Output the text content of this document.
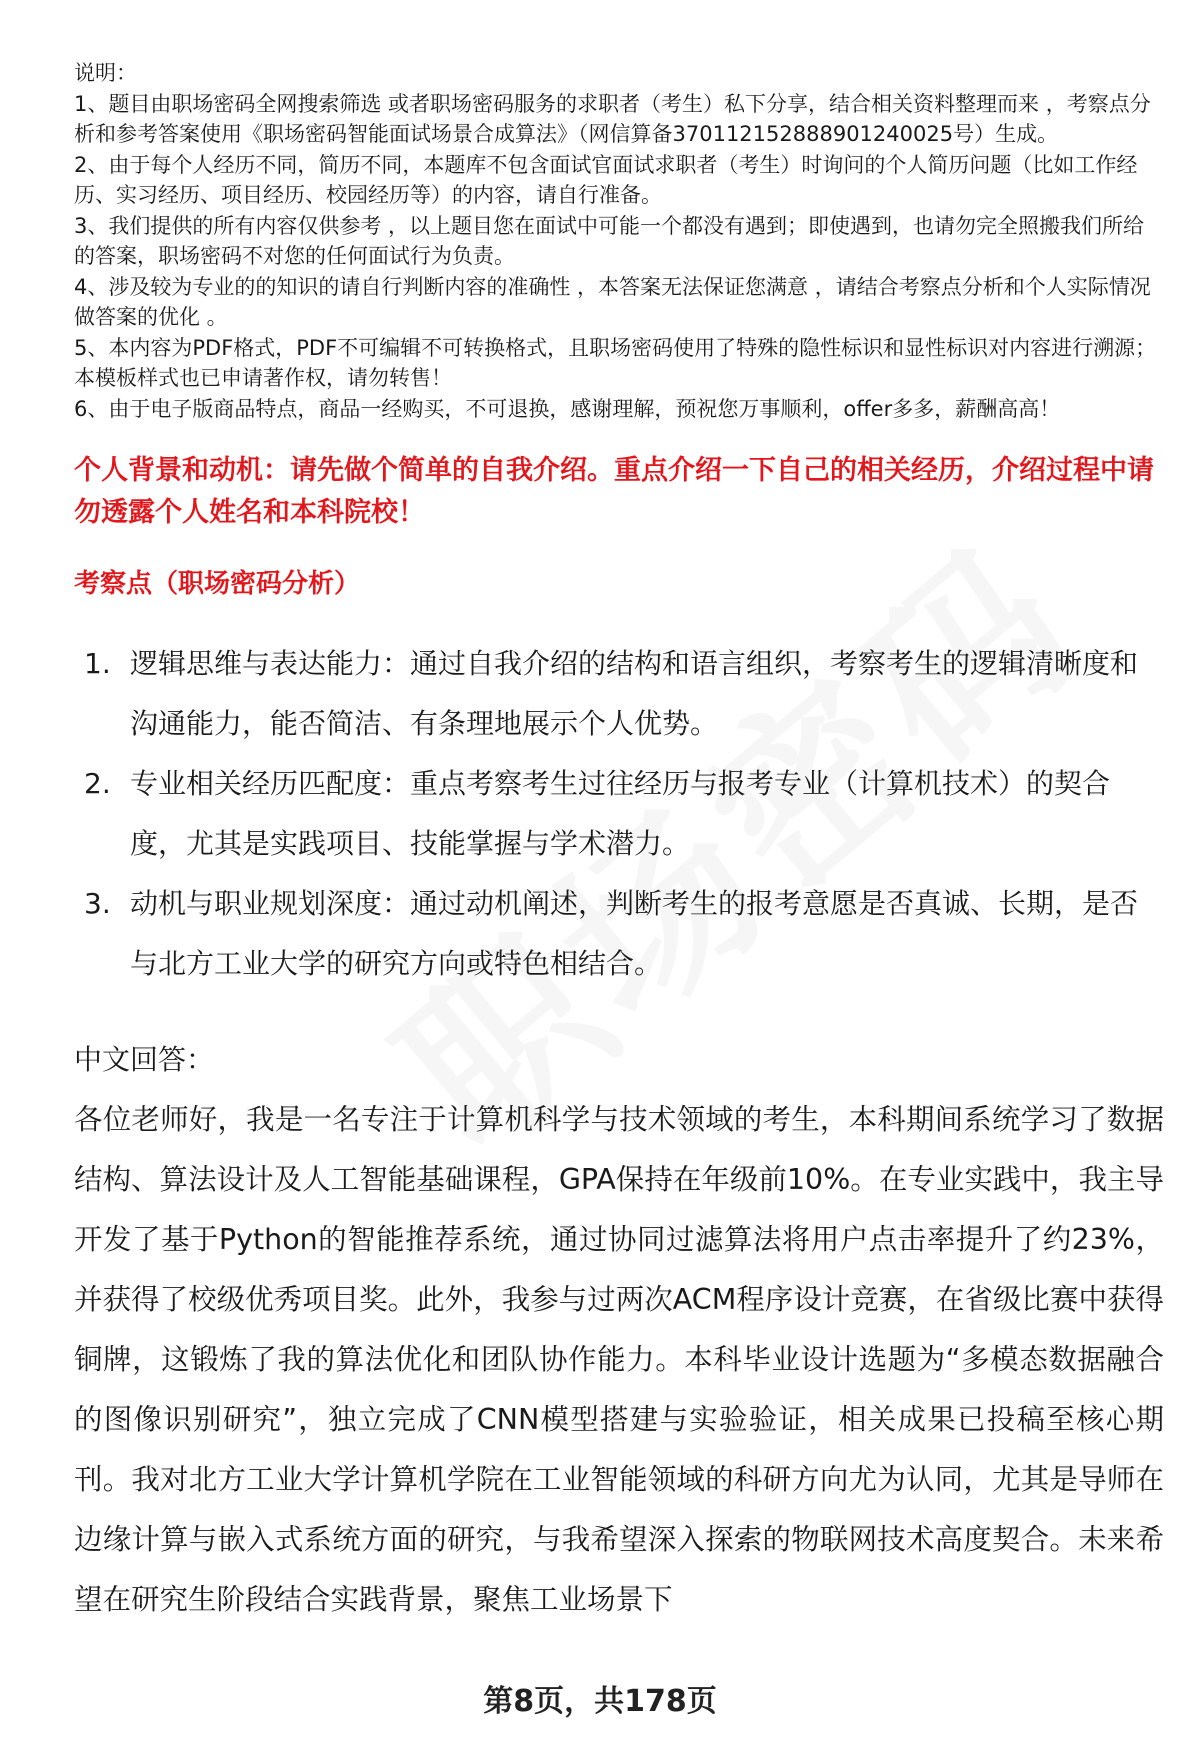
说明：
1、题目由职场密码全网搜索筛选 或者职场密码服务的求职者（考生）私下分享，结合相关资料整理而来 ，考察点分析和参考答案使用《职场密码智能面试场景合成算法》（网信算备370112152888901240025号）生成。
2、由于每个人经历不同，简历不同，本题库不包含面试官面试求职者（考生）时询问的个人简历问题（比如工作经历、实习经历、项目经历、校园经历等）的内容，请自行准备。
3、我们提供的所有内容仅供参考 ，以上题目您在面试中可能一个都没有遇到；即使遇到，也请勿完全照搬我们所给的答案，职场密码不对您的任何面试行为负责。
4、涉及较为专业的的知识的请自行判断内容的准确性 ，本答案无法保证您满意 ，请结合考察点分析和个人实际情况做答案的优化 。
5、本内容为PDF格式，PDF不可编辑不可转换格式，且职场密码使用了特殊的隐性标识和显性标识对内容进行溯源；本模板样式也已申请著作权，请勿转售！
6、由于电子版商品特点，商品一经购买，不可退换，感谢理解，预祝您万事顺利，offer多多，薪酬高高！
个人背景和动机：请先做个简单的自我介绍。重点介绍一下自己的相关经历，介绍过程中请勿透露个人姓名和本科院校！
考察点（职场密码分析）
1. 逻辑思维与表达能力：通过自我介绍的结构和语言组织，考察考生的逻辑清晰度和沟通能力，能否简洁、有条理地展示个人优势。
2. 专业相关经历匹配度：重点考察考生过往经历与报考专业（计算机技术）的契合度，尤其是实践项目、技能掌握与学术潜力。
3. 动机与职业规划深度：通过动机阐述，判断考生的报考意愿是否真诚、长期，是否与北方工业大学的研究方向或特色相结合。
中文回答：
各位老师好，我是一名专注于计算机科学与技术领域的考生，本科期间系统学习了数据结构、算法设计及人工智能基础课程，GPA保持在年级前10%。在专业实践中，我主导开发了基于Python的智能推荐系统，通过协同过滤算法将用户点击率提升了约23%，并获得了校级优秀项目奖。此外，我参与过两次ACM程序设计竞赛，在省级比赛中获得铜牌，这锻炼了我的算法优化和团队协作能力。本科毕业设计选题为“多模态数据融合的图像识别研究”，独立完成了CNN模型搭建与实验验证，相关成果已投稿至核心期刊。我对北方工业大学计算机学院在工业智能领域的科研方向尤为认同，尤其是导师在边缘计算与嵌入式系统方面的研究，与我希望深入探索的物联网技术高度契合。未来希望在研究生阶段结合实践背景，聚焦工业场景下
第8页，共178页
